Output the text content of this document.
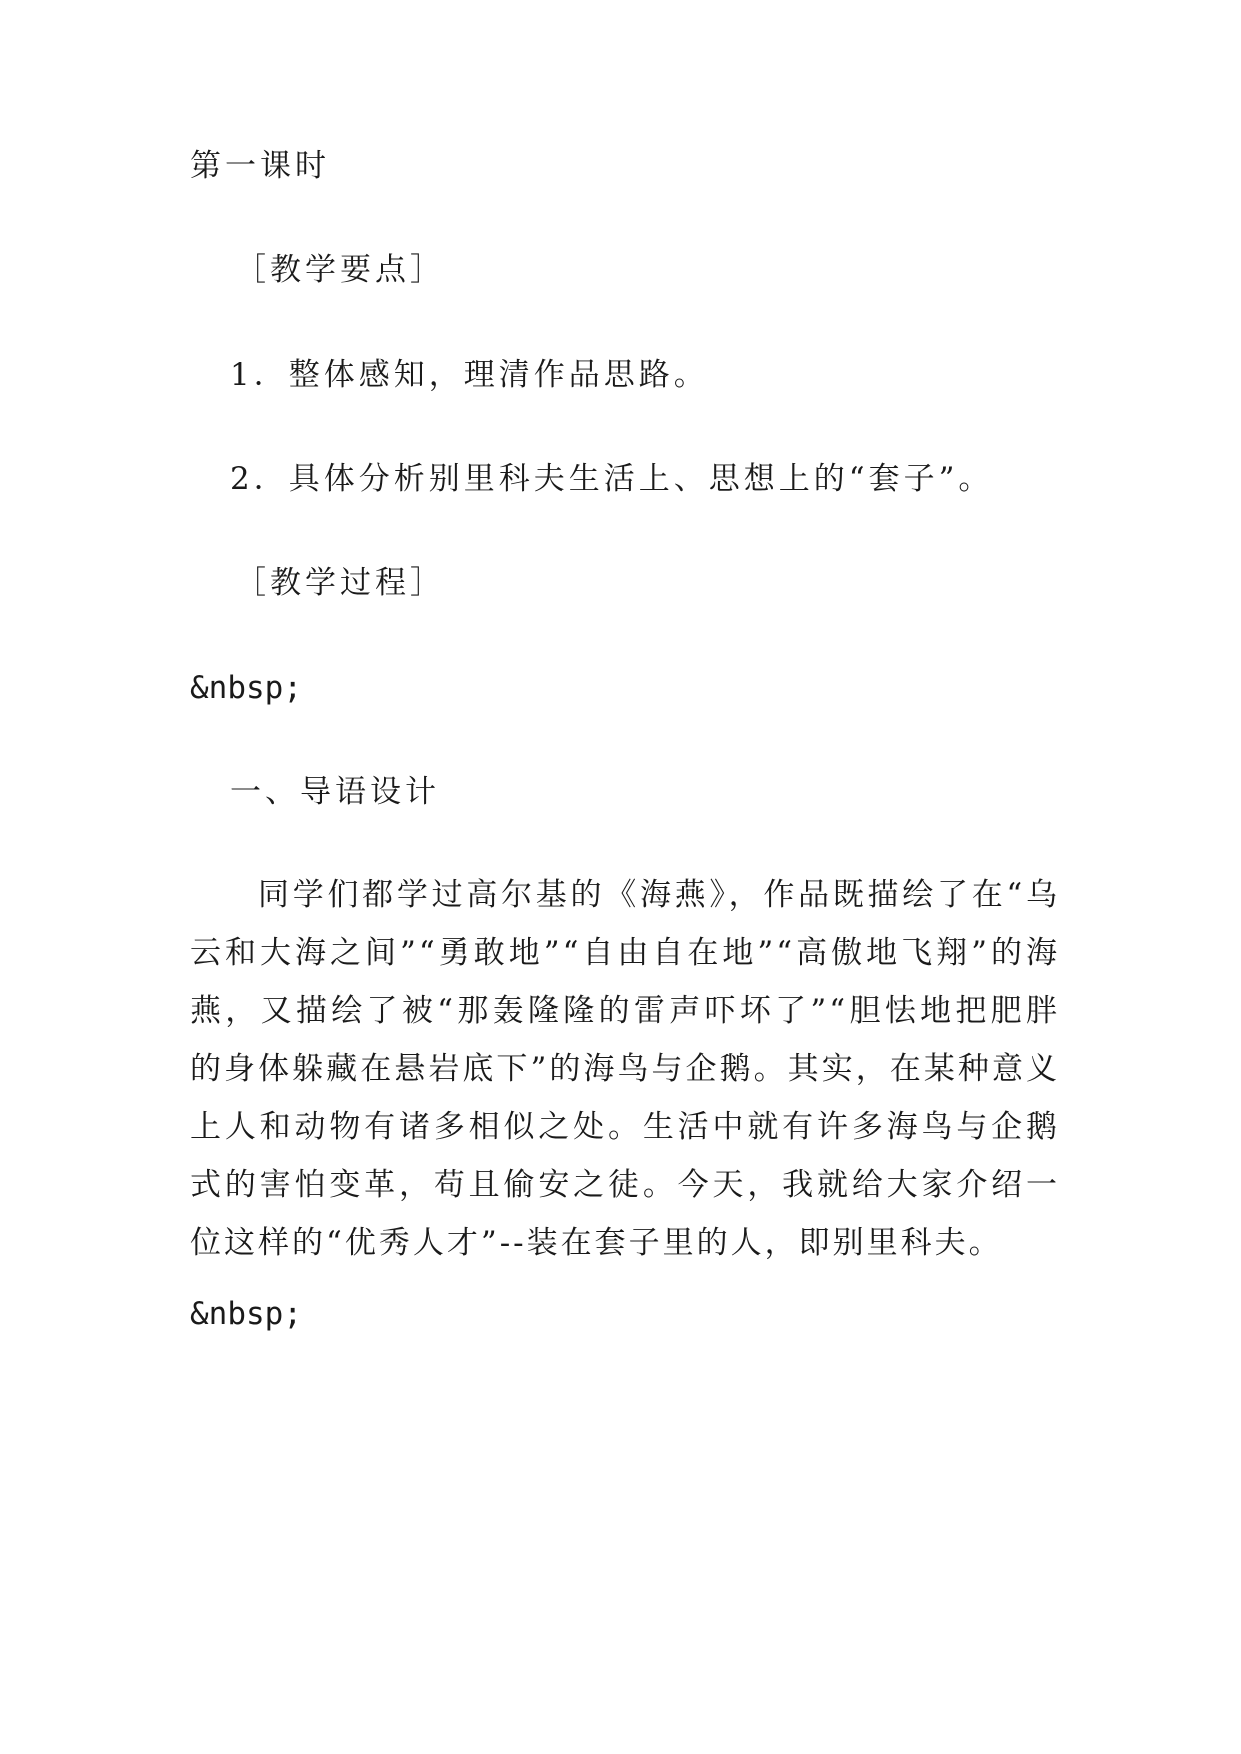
第一课时

［教学要点］

1．整体感知，理清作品思路。

2．具体分析别里科夫生活上、思想上的“套子”。

［教学过程］

&nbsp;

一、导语设计

同学们都学过高尔基的《海燕》，作品既描绘了在“乌云和大海之间”“勇敢地”“自由自在地”“高傲地飞翔”的海燕，又描绘了被“那轰隆隆的雷声吓坏了”“胆怯地把肥胖的身体躲藏在悬岩底下”的海鸟与企鹅。其实，在某种意义上人和动物有诸多相似之处。生活中就有许多海鸟与企鹅式的害怕变革，苟且偷安之徒。今天，我就给大家介绍一位这样的“优秀人才”--装在套子里的人，即别里科夫。

&nbsp;
